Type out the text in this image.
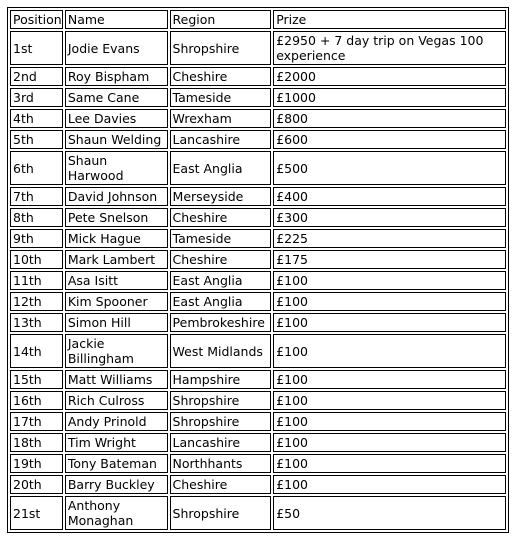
Position	Name	Region	Prize
1st	Jodie Evans	Shropshire	£2950 + 7 day trip on Vegas 100 experience
2nd	Roy Bispham	Cheshire	£2000
3rd	Same Cane	Tameside	£1000
4th	Lee Davies	Wrexham	£800
5th	Shaun Welding	Lancashire	£600
6th	Shaun Harwood	East Anglia	£500
7th	David Johnson	Merseyside	£400
8th	Pete Snelson	Cheshire	£300
9th	Mick Hague	Tameside	£225
10th	Mark Lambert	Cheshire	£175
11th	Asa Isitt	East Anglia	£100
12th	Kim Spooner	East Anglia	£100
13th	Simon Hill	Pembrokeshire	£100
14th	Jackie Billingham	West Midlands	£100
15th	Matt Williams	Hampshire	£100
16th	Rich Culross	Shropshire	£100
17th	Andy Prinold	Shropshire	£100
18th	Tim Wright	Lancashire	£100
19th	Tony Bateman	Northhants	£100
20th	Barry Buckley	Cheshire	£100
21st	Anthony Monaghan	Shropshire	£50
